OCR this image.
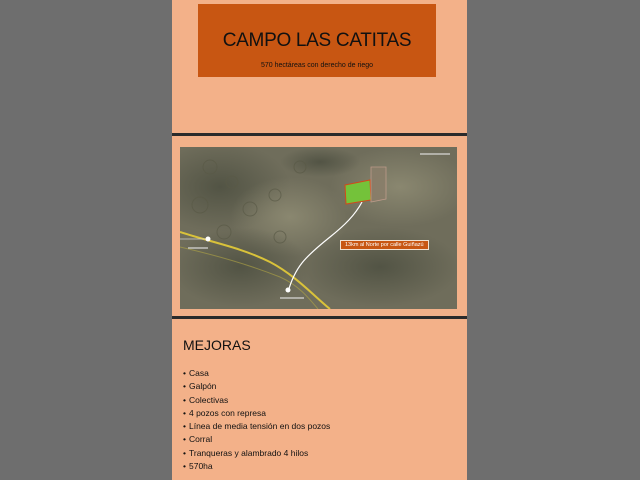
CAMPO LAS CATITAS
570 hectáreas con derecho de riego
13km al Norte por calle Guiñazú
MEJORAS
• Casa
• Galpón
• Colectivas
• 4 pozos con represa
• Línea de media tensión en dos pozos
• Corral
• Tranqueras y alambrado 4 hilos
• 570ha
